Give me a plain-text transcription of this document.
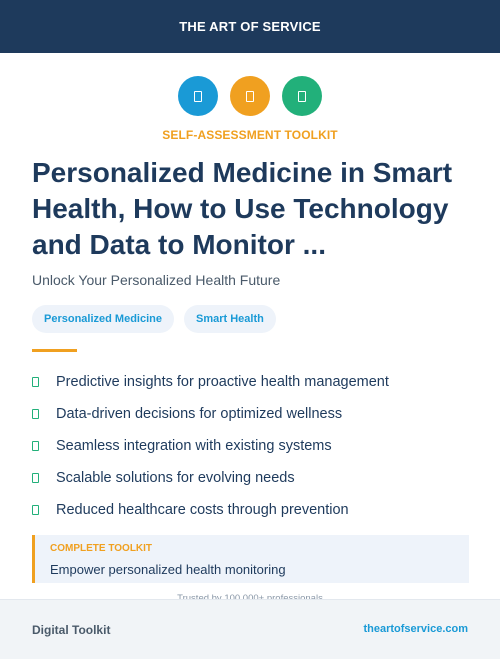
THE ART OF SERVICE
SELF-ASSESSMENT TOOLKIT
Personalized Medicine in Smart Health, How to Use Technology and Data to Monitor ...
Unlock Your Personalized Health Future
Personalized Medicine	Smart Health
Predictive insights for proactive health management
Data-driven decisions for optimized wellness
Seamless integration with existing systems
Scalable solutions for evolving needs
Reduced healthcare costs through prevention
COMPLETE TOOLKIT
Empower personalized health monitoring
Digital Toolkit	theartofservice.com
